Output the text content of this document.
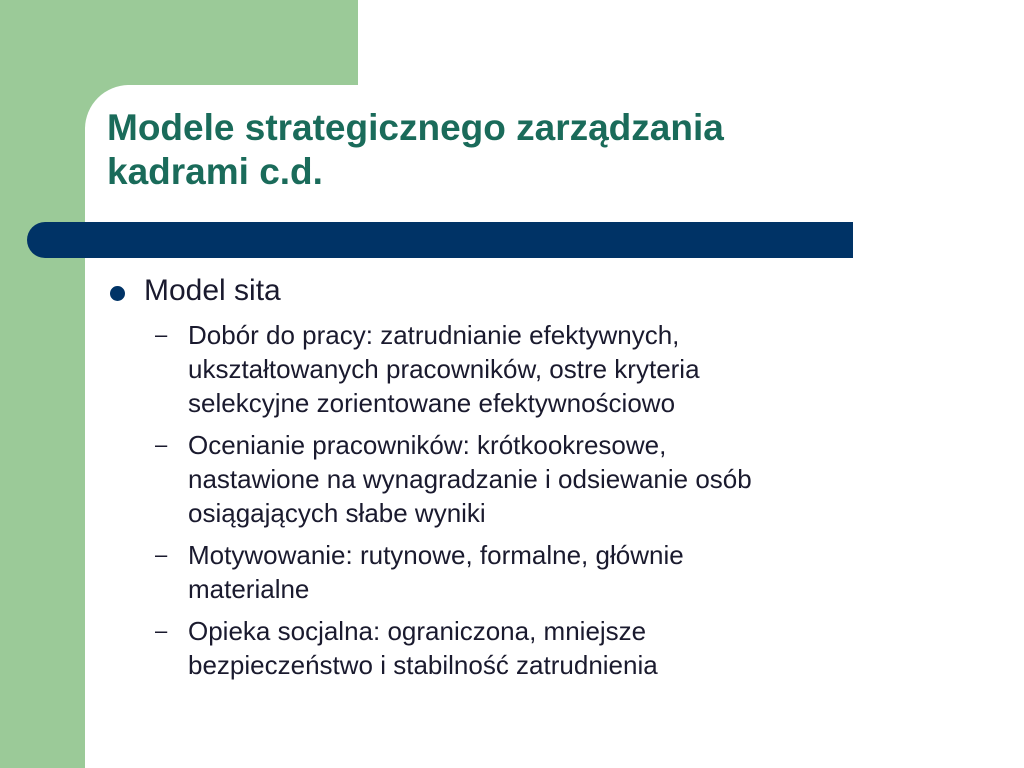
Modele strategicznego zarządzania
kadrami c.d.

Model sita

– Dobór do pracy: zatrudnianie efektywnych,
ukształtowanych pracowników, ostre kryteria
selekcyjne zorientowane efektywnościowo

– Ocenianie pracowników: krótkookresowe,
nastawione na wynagradzanie i odsiewanie osób
osiągających słabe wyniki

– Motywowanie: rutynowe, formalne, głównie
materialne

– Opieka socjalna: ograniczona, mniejsze
bezpieczeństwo i stabilność zatrudnienia
